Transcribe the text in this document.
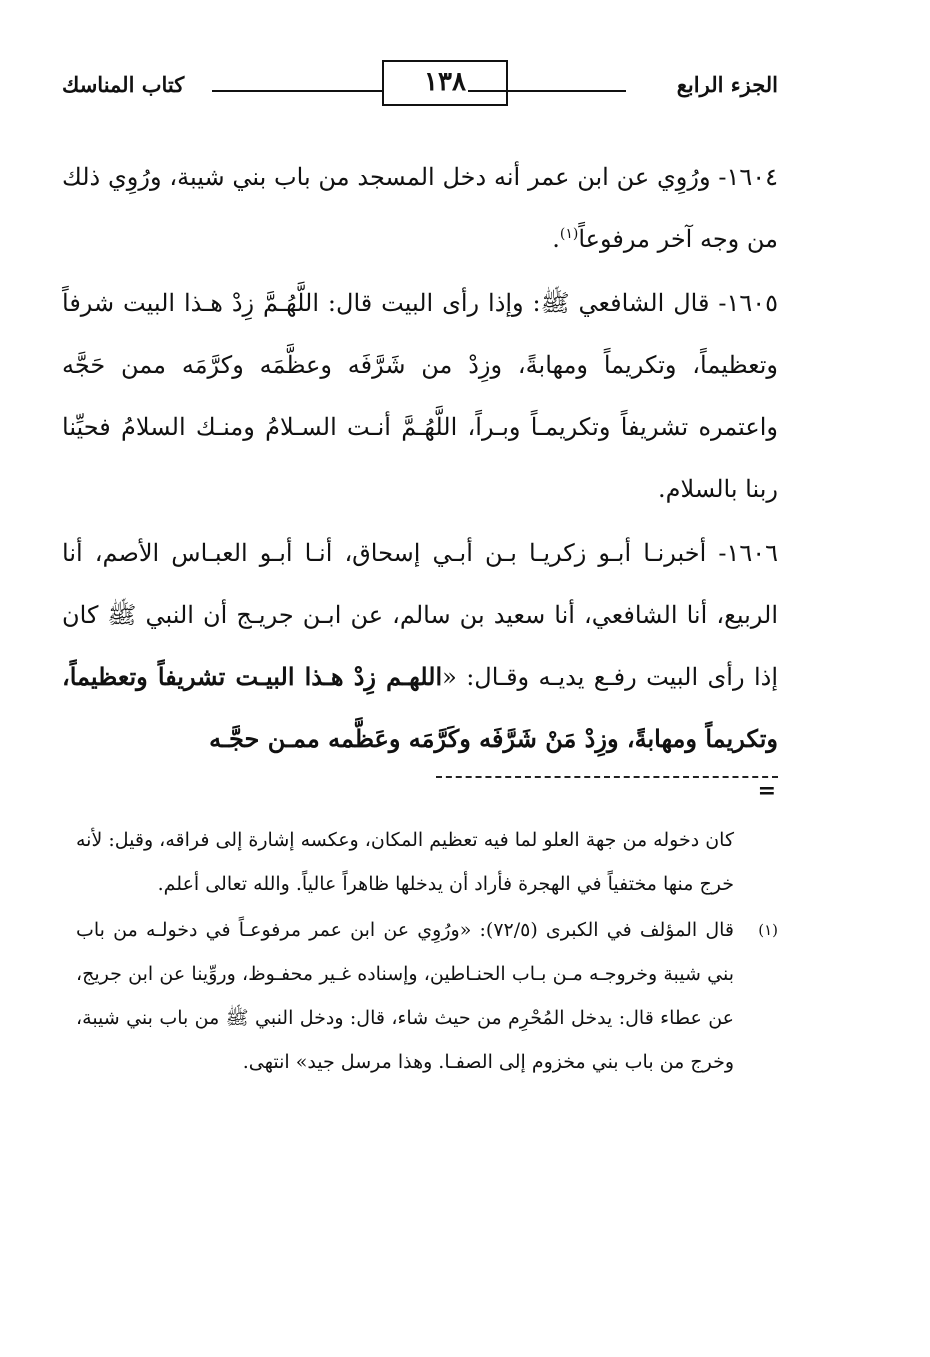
الجزء الرابع
١٣٨
كتاب المناسك

١٦٠٤- ورُوِي عن ابن عمر أنه دخل المسجد من باب بني شيبة، ورُوِي ذلك من وجه آخر مرفوعاً$^{(١)}$.

١٦٠٥- قال الشافعي ﷺ: وإذا رأى البيت قال: اللَّهُـمَّ زِدْ هـذا البيت شرفاً وتعظيماً، وتكريماً ومهابةً، وزِدْ من شَرَّفَه وعظَّمَه وكرَّمَه ممن حَجَّه واعتمره تشريفاً وتكريمـاً وبـراً، اللَّهُـمَّ أنـت السـلامُ ومنـك السلامُ فحيِّنا ربنا بالسلام.

١٦٠٦- أخبرنـا أبـو زكريـا بـن أبـي إسحاق، أنـا أبـو العبـاس الأصم، أنا الربيع، أنا الشافعي، أنا سعيد بن سالم، عن ابـن جريـج أن النبي ﷺ كان إذا رأى البيت رفـع يديـه وقـال: «اللهـم زِدْ هـذا البيـت تشريفاً وتعظيماً، وتكريماً ومهابةً، وزِدْ مَنْ شَرَّفَه وكَرَّمَه وعَظَّمه ممـن حجَّـه

=

كان دخوله من جهة العلو لما فيه تعظيم المكان، وعكسه إشارة إلى فراقه، وقيل: لأنه خرج منها مختفياً في الهجرة فأراد أن يدخلها ظاهراً عالياً. والله تعالى أعلم.

(١)
قال المؤلف في الكبرى (٧٢/٥): «ورُوِي عن ابن عمر مرفوعـاً في دخولـه من باب بني شيبة وخروجـه مـن بـاب الحنـاطين، وإسناده غـير محفـوظ، وروِّينا عن ابن جريج، عن عطاء قال: يدخل المُحْرِم من حيث شاء، قال: ودخل النبي ﷺ من باب بني شيبة، وخرج من باب بني مخزوم إلى الصفـا. وهذا مرسل جيد» انتهى.
